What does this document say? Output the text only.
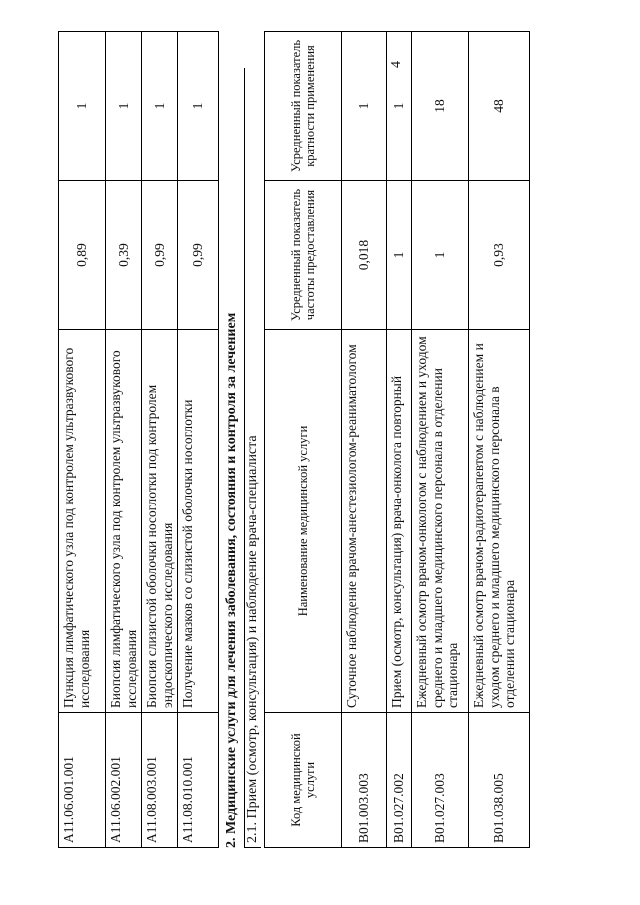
4
A11.06.001.001	Пункция лимфатического узла под контролем ультразвукового исследования	0,89	1
A11.06.002.001	Биопсия лимфатического узла под контролем ультразвукового исследования	0,39	1
A11.08.003.001	Биопсия слизистой оболочки носоглотки под контролем эндоскопического исследования	0,99	1
A11.08.010.001	Получение мазков со слизистой оболочки носоглотки	0,99	1
2. Медицинские услуги для лечения заболевания, состояния и контроля за лечением 2.1. Прием (осмотр, консультация) и наблюдение врача-специалиста Код медицинской услуги	Наименование медицинской услуги	Усредненный показатель частоты предоставления	Усредненный показатель кратности применения
B01.003.003	Суточное наблюдение врачом-анестезиологом-реаниматологом	0,018	1
B01.027.002	Прием (осмотр, консультация) врача-онколога повторный	1	1
B01.027.003	Ежедневный осмотр врачом-онкологом с наблюдением и уходом среднего и младшего медицинского персонала в отделении стационара	1	18
B01.038.005	Ежедневный осмотр врачом-радиотерапевтом с наблюдением и уходом среднего и младшего медицинского персонала в отделении стационара	0,93	48
